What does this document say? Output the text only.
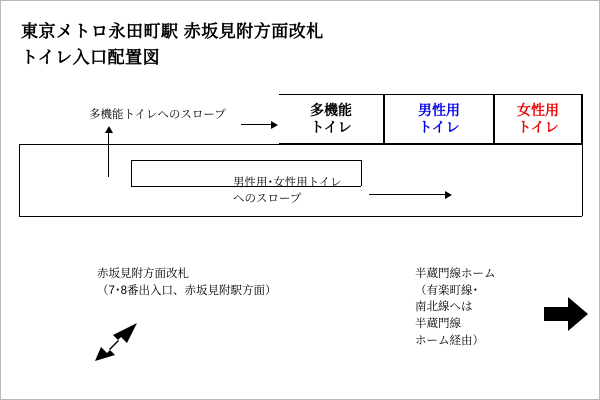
東京メトロ永田町駅 赤坂見附方面改札
トイレ入口配置図
多機能
トイレ
男性用
トイレ
女性用
トイレ
多機能トイレへのスロープ
男性用･女性用トイレ
へのスロープ
赤坂見附方面改札
（7･8番出入口、赤坂見附駅方面）
半蔵門線ホーム
（有楽町線･
南北線へは
半蔵門線
ホーム経由）
